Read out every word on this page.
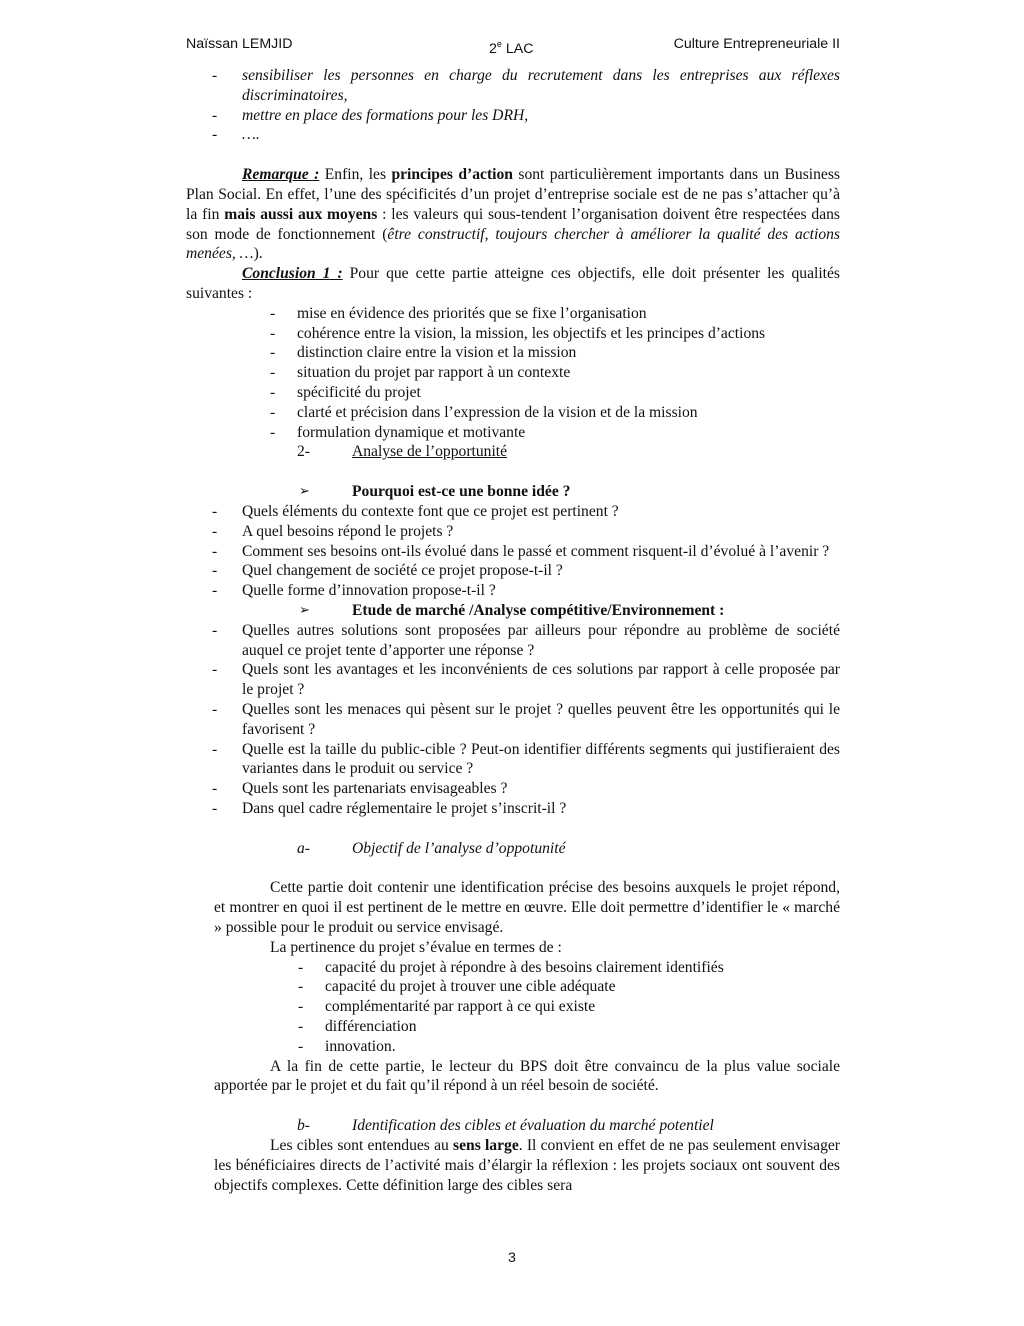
Naïssan LEMJID	2e LAC	Culture Entrepreneuriale II
- sensibiliser les personnes en charge du recrutement dans les entreprises aux réflexes discriminatoires,
- mettre en place des formations pour les DRH,
- ….

Remarque : Enfin, les principes d’action sont particulièrement importants dans un Business Plan Social. En effet, l’une des spécificités d’un projet d’entreprise sociale est de ne pas s’attacher qu’à la fin mais aussi aux moyens : les valeurs qui sous-tendent l’organisation doivent être respectées dans son mode de fonctionnement (être constructif, toujours chercher à améliorer la qualité des actions menées, …).

Conclusion 1 : Pour que cette partie atteigne ces objectifs, elle doit présenter les qualités suivantes :

- mise en évidence des priorités que se fixe l’organisation
- cohérence entre la vision, la mission, les objectifs et les principes d’actions
- distinction claire entre la vision et la mission
- situation du projet par rapport à un contexte
- spécificité du projet
- clarté et précision dans l’expression de la vision et de la mission
- formulation dynamique et motivante

2-	Analyse de l’opportunité

➢	Pourquoi est-ce une bonne idée ?

- Quels éléments du contexte font que ce projet est pertinent ?
- A quel besoins répond le projets ?
- Comment ses besoins ont-ils évolué dans le passé et comment risquent-il d’évolué à l’avenir ?
- Quel changement de société ce projet propose-t-il ?
- Quelle forme d’innovation propose-t-il ?

➢	Etude de marché /Analyse compétitive/Environnement :

- Quelles autres solutions sont proposées par ailleurs pour répondre au problème de société auquel ce projet tente d’apporter une réponse ?
- Quels sont les avantages et les inconvénients de ces solutions par rapport à celle proposée par le projet ?
- Quelles sont les menaces qui pèsent sur le projet ? quelles peuvent être les opportunités qui le favorisent ?
- Quelle est la taille du public-cible ? Peut-on identifier différents segments qui justifieraient des variantes dans le produit ou service ?
- Quels sont les partenariats envisageables ?
- Dans quel cadre réglementaire le projet s’inscrit-il ?

a-	Objectif de l’analyse d’oppotunité

Cette partie doit contenir une identification précise des besoins auxquels le projet répond, et montrer en quoi il est pertinent de le mettre en œuvre. Elle doit permettre d’identifier le « marché » possible pour le produit ou service envisagé.

La pertinence du projet s’évalue en termes de :

- capacité du projet à répondre à des besoins clairement identifiés
- capacité du projet à trouver une cible adéquate
- complémentarité par rapport à ce qui existe
- différenciation
- innovation.

A la fin de cette partie, le lecteur du BPS doit être convaincu de la plus value sociale apportée par le projet et du fait qu’il répond à un réel besoin de société.

b-	Identification des cibles et évaluation du marché potentiel

Les cibles sont entendues au sens large. Il convient en effet de ne pas seulement envisager les bénéficiaires directs de l’activité mais d’élargir la réflexion : les projets sociaux ont souvent des objectifs complexes. Cette définition large des cibles sera

3
